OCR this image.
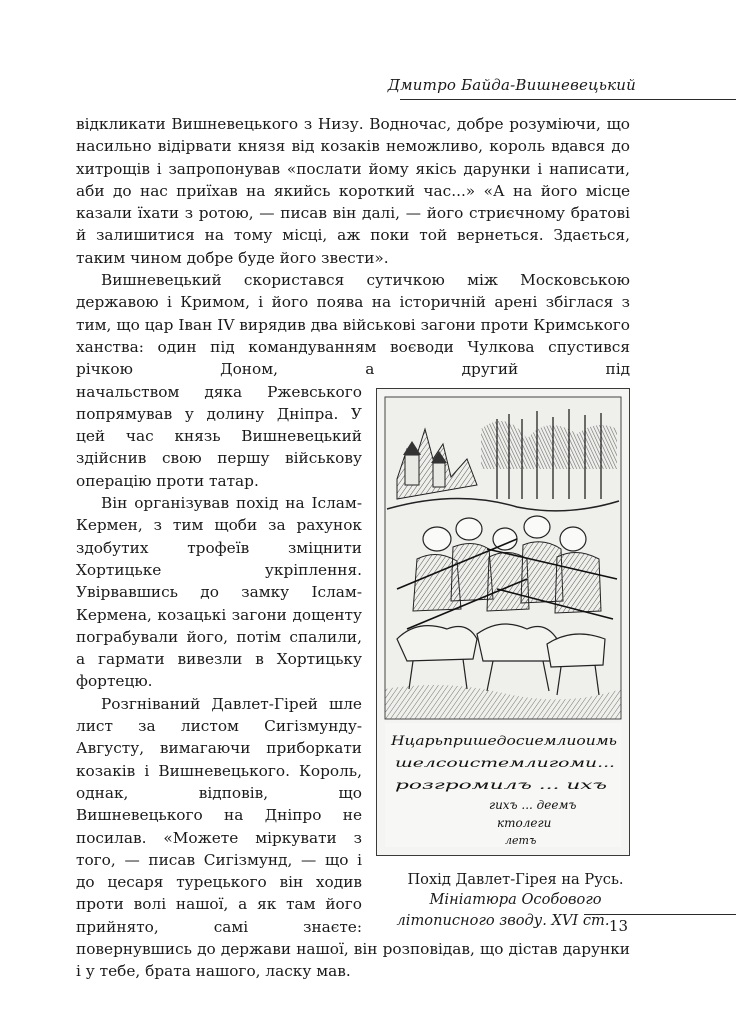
Дмитро Байда-Вишневецький

відкликати Вишневецького з Низу. Водночас, добре розуміючи, що насильно відірвати князя від козаків неможливо, король вдався до хитрощів і запропонував «послати йому якісь дарунки і написати, аби до нас приїхав на якийсь короткий час...» «А на його місце казали їхати з ротою, — писав він далі, — його стриєчному братові й залишитися на тому місці, аж поки той вернеться. Здається, таким чином добре буде його звести».

Вишневецький скористався сутичкою між Московською державою і Кримом, і його поява на історичній арені збіглася з тим, що цар Іван IV вирядив два військові загони проти Кримського ханства: один під командуванням воєводи Чулкова спустився річкою Доном, а другий під началь
Нцарьпришедосиемлиоимь
шелсоистемлигоми...
розгромилъ ... ихъ
гихъ ... деемъ
ктолеги
летъ
Похід Давлет-Гірея на Русь.
Мініатюра Особового літописного зводу. XVI ст.
ством дяка Ржевського попрямував у долину Дніпра. У цей час князь Вишневецький здійснив свою першу військову операцію проти татар.

Він організував похід на Іслам-Кермен, з тим щоби за рахунок здобутих трофеїв зміцнити Хортицьке укріплення. Увірвавшись до замку Іслам-Кермена, козацькі загони дощенту пограбували його, потім спалили, а гармати вивезли в Хортицьку фортецю.

Розгніваний Давлет-Гірей шле лист за листом Сигізмунду-Августу, вимагаючи приборкати козаків і Вишневецького. Король, однак, відповів, що Вишневецького на Дніпро не посилав. «Можете міркувати з того, — писав Сигізмунд, — що і до цесаря турецького він ходив проти волі нашої, а як там його прийнято, самі знаєте: повернувшись до держави нашої, він розповідав, що дістав дарунки і у тебе, брата нашого, ласку мав.

13
